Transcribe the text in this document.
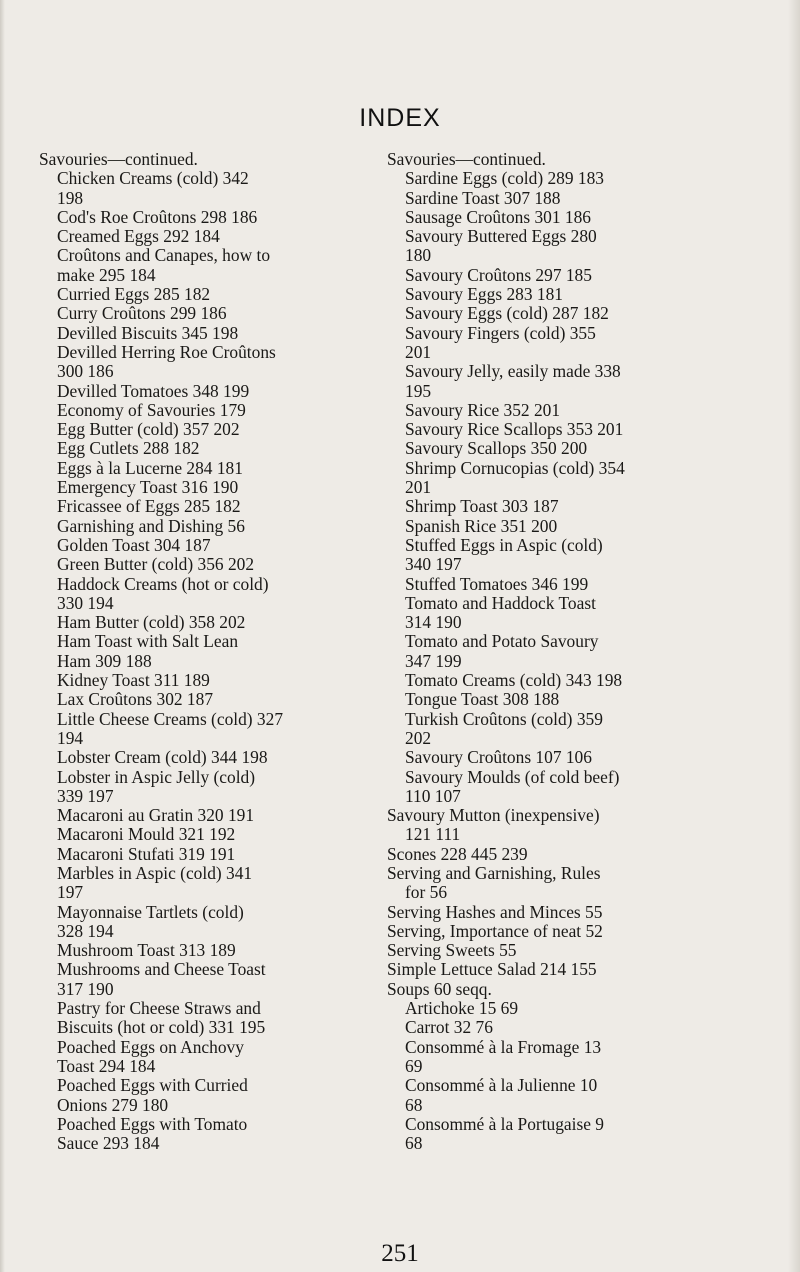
INDEX
Savouries—continued.
Chicken Creams (cold) 342
198
Cod's Roe Croûtons 298 186
Creamed Eggs 292 184
Croûtons and Canapes, how to
make 295 184
Curried Eggs 285 182
Curry Croûtons 299 186
Devilled Biscuits 345 198
Devilled Herring Roe Croûtons
300 186
Devilled Tomatoes 348 199
Economy of Savouries 179
Egg Butter (cold) 357 202
Egg Cutlets 288 182
Eggs à la Lucerne 284 181
Emergency Toast 316 190
Fricassee of Eggs 285 182
Garnishing and Dishing 56
Golden Toast 304 187
Green Butter (cold) 356 202
Haddock Creams (hot or cold)
330 194
Ham Butter (cold) 358 202
Ham Toast with Salt Lean
Ham 309 188
Kidney Toast 311 189
Lax Croûtons 302 187
Little Cheese Creams (cold) 327
194
Lobster Cream (cold) 344 198
Lobster in Aspic Jelly (cold)
339 197
Macaroni au Gratin 320 191
Macaroni Mould 321 192
Macaroni Stufati 319 191
Marbles in Aspic (cold) 341
197
Mayonnaise Tartlets (cold)
328 194
Mushroom Toast 313 189
Mushrooms and Cheese Toast
317 190
Pastry for Cheese Straws and
Biscuits (hot or cold) 331 195
Poached Eggs on Anchovy
Toast 294 184
Poached Eggs with Curried
Onions 279 180
Poached Eggs with Tomato
Sauce 293 184
Savouries—continued.
Sardine Eggs (cold) 289 183
Sardine Toast 307 188
Sausage Croûtons 301 186
Savoury Buttered Eggs 280
180
Savoury Croûtons 297 185
Savoury Eggs 283 181
Savoury Eggs (cold) 287 182
Savoury Fingers (cold) 355
201
Savoury Jelly, easily made 338
195
Savoury Rice 352 201
Savoury Rice Scallops 353 201
Savoury Scallops 350 200
Shrimp Cornucopias (cold) 354
201
Shrimp Toast 303 187
Spanish Rice 351 200
Stuffed Eggs in Aspic (cold)
340 197
Stuffed Tomatoes 346 199
Tomato and Haddock Toast
314 190
Tomato and Potato Savoury
347 199
Tomato Creams (cold) 343 198
Tongue Toast 308 188
Turkish Croûtons (cold) 359
202
Savoury Croûtons 107 106
Savoury Moulds (of cold beef)
110 107
Savoury Mutton (inexpensive)
121 111
Scones 228 445 239
Serving and Garnishing, Rules
for 56
Serving Hashes and Minces 55
Serving, Importance of neat 52
Serving Sweets 55
Simple Lettuce Salad 214 155
Soups 60 seqq.
Artichoke 15 69
Carrot 32 76
Consommé à la Fromage 13
69
Consommé à la Julienne 10
68
Consommé à la Portugaise 9
68
251
